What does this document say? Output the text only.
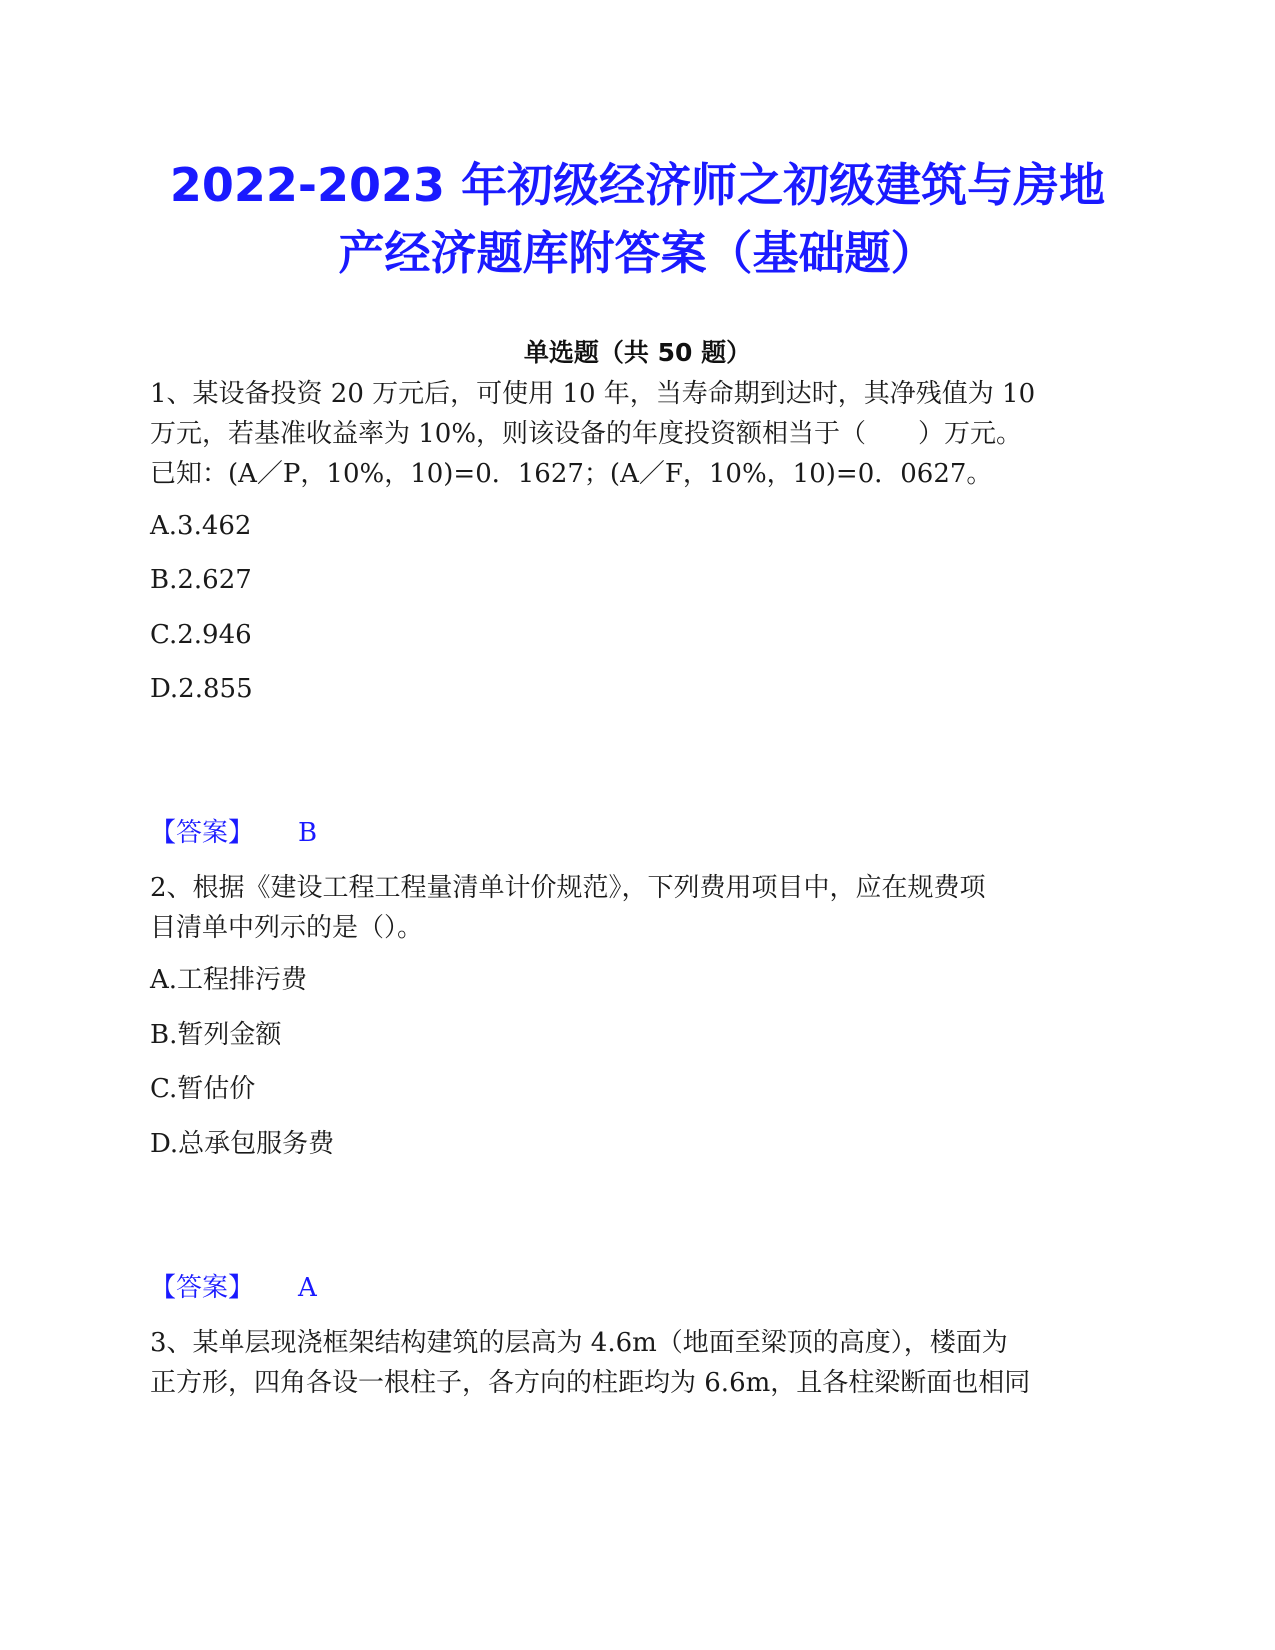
2022-2023 年初级经济师之初级建筑与房地
产经济题库附答案（基础题）
单选题（共 50 题）
1、某设备投资 20 万元后，可使用 10 年，当寿命期到达时，其净残值为 10
万元，若基准收益率为 10%，则该设备的年度投资额相当于（　　）万元。
已知：(A／P，10%，10)=0．1627；(A／F，10%，10)=0．0627。
A.3.462
B.2.627
C.2.946
D.2.855
【答案】 B
2、根据《建设工程工程量清单计价规范》，下列费用项目中，应在规费项
目清单中列示的是（）。
A.工程排污费
B.暂列金额
C.暂估价
D.总承包服务费
【答案】 A
3、某单层现浇框架结构建筑的层高为 4.6m（地面至梁顶的高度），楼面为
正方形，四角各设一根柱子，各方向的柱距均为 6.6m，且各柱梁断面也相同
